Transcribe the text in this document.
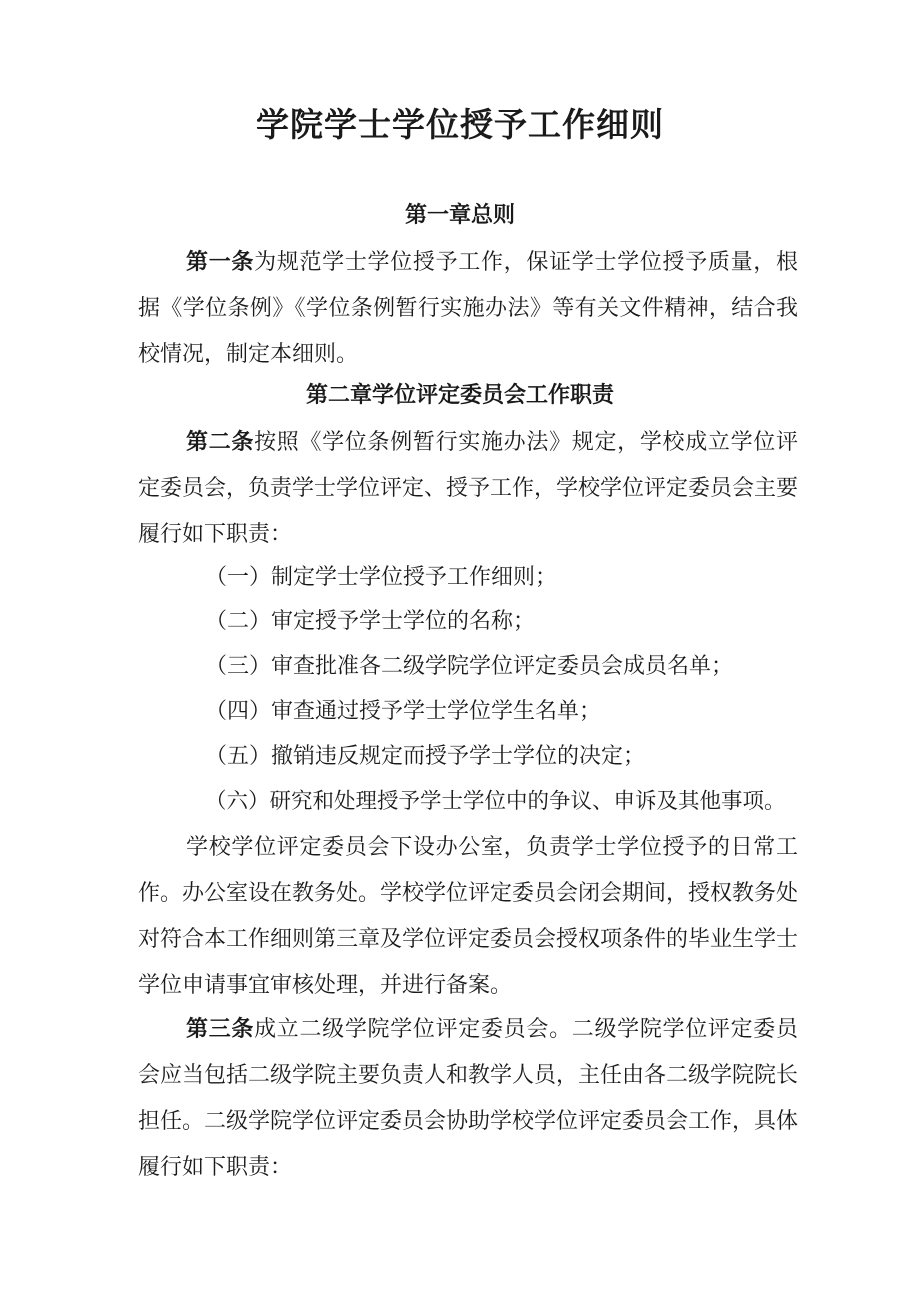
学院学士学位授予工作细则
第一章总则

第一条为规范学士学位授予工作，保证学士学位授予质量，根据《学位条例》《学位条例暂行实施办法》等有关文件精神，结合我校情况，制定本细则。

第二章学位评定委员会工作职责

第二条按照《学位条例暂行实施办法》规定，学校成立学位评定委员会，负责学士学位评定、授予工作，学校学位评定委员会主要履行如下职责：

（一）制定学士学位授予工作细则；

（二）审定授予学士学位的名称；

（三）审查批准各二级学院学位评定委员会成员名单；

（四）审查通过授予学士学位学生名单；

（五）撤销违反规定而授予学士学位的决定；

（六）研究和处理授予学士学位中的争议、申诉及其他事项。

学校学位评定委员会下设办公室，负责学士学位授予的日常工作。办公室设在教务处。学校学位评定委员会闭会期间，授权教务处对符合本工作细则第三章及学位评定委员会授权项条件的毕业生学士学位申请事宜审核处理，并进行备案。

第三条成立二级学院学位评定委员会。二级学院学位评定委员会应当包括二级学院主要负责人和教学人员，主任由各二级学院院长担任。二级学院学位评定委员会协助学校学位评定委员会工作，具体履行如下职责：
